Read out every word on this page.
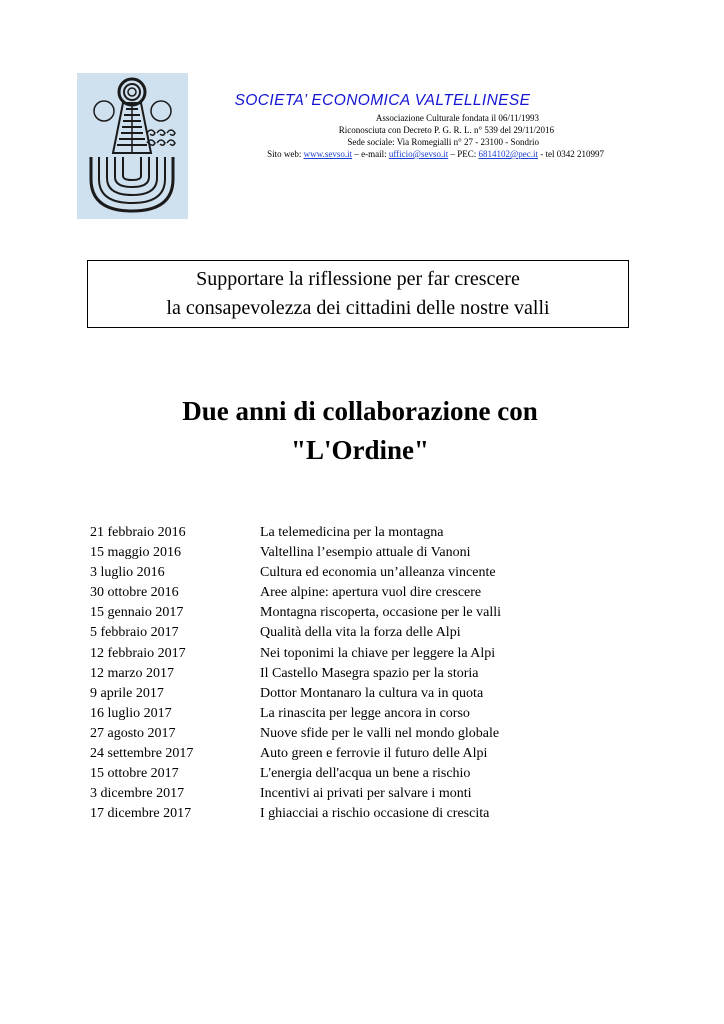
SOCIETA’ ECONOMICA VALTELLINESE
Associazione Culturale fondata il 06/11/1993
Riconosciuta con Decreto P. G. R. L. n° 539 del 29/11/2016
Sede sociale: Via Romegialli n° 27 - 23100 - Sondrio
Sito web: www.sevso.it – e-mail: ufficio@sevso.it – PEC: 6814102@pec.it - tel 0342 210997
Supportare la riflessione per far crescere
la consapevolezza dei cittadini delle nostre valli
Due anni di collaborazione con
"L'Ordine"
21 febbraio 2016	La telemedicina per la montagna
15 maggio 2016	Valtellina l’esempio attuale di Vanoni
3 luglio 2016	Cultura ed economia un’alleanza vincente
30 ottobre 2016	Aree alpine: apertura vuol dire crescere
15 gennaio 2017	Montagna riscoperta, occasione per le valli
5 febbraio 2017	Qualità della vita la forza delle Alpi
12 febbraio 2017	Nei toponimi la chiave per leggere la Alpi
12 marzo 2017	Il Castello Masegra spazio per la storia
9 aprile 2017	Dottor Montanaro la cultura va in quota
16 luglio 2017	La rinascita per legge ancora in corso
27 agosto 2017	Nuove sfide per le valli nel mondo globale
24 settembre 2017	Auto green e ferrovie il futuro delle Alpi
15 ottobre 2017	L'energia dell'acqua un bene a rischio
3 dicembre 2017	Incentivi ai privati per salvare i monti
17 dicembre 2017	I ghiacciai a rischio occasione di crescita
